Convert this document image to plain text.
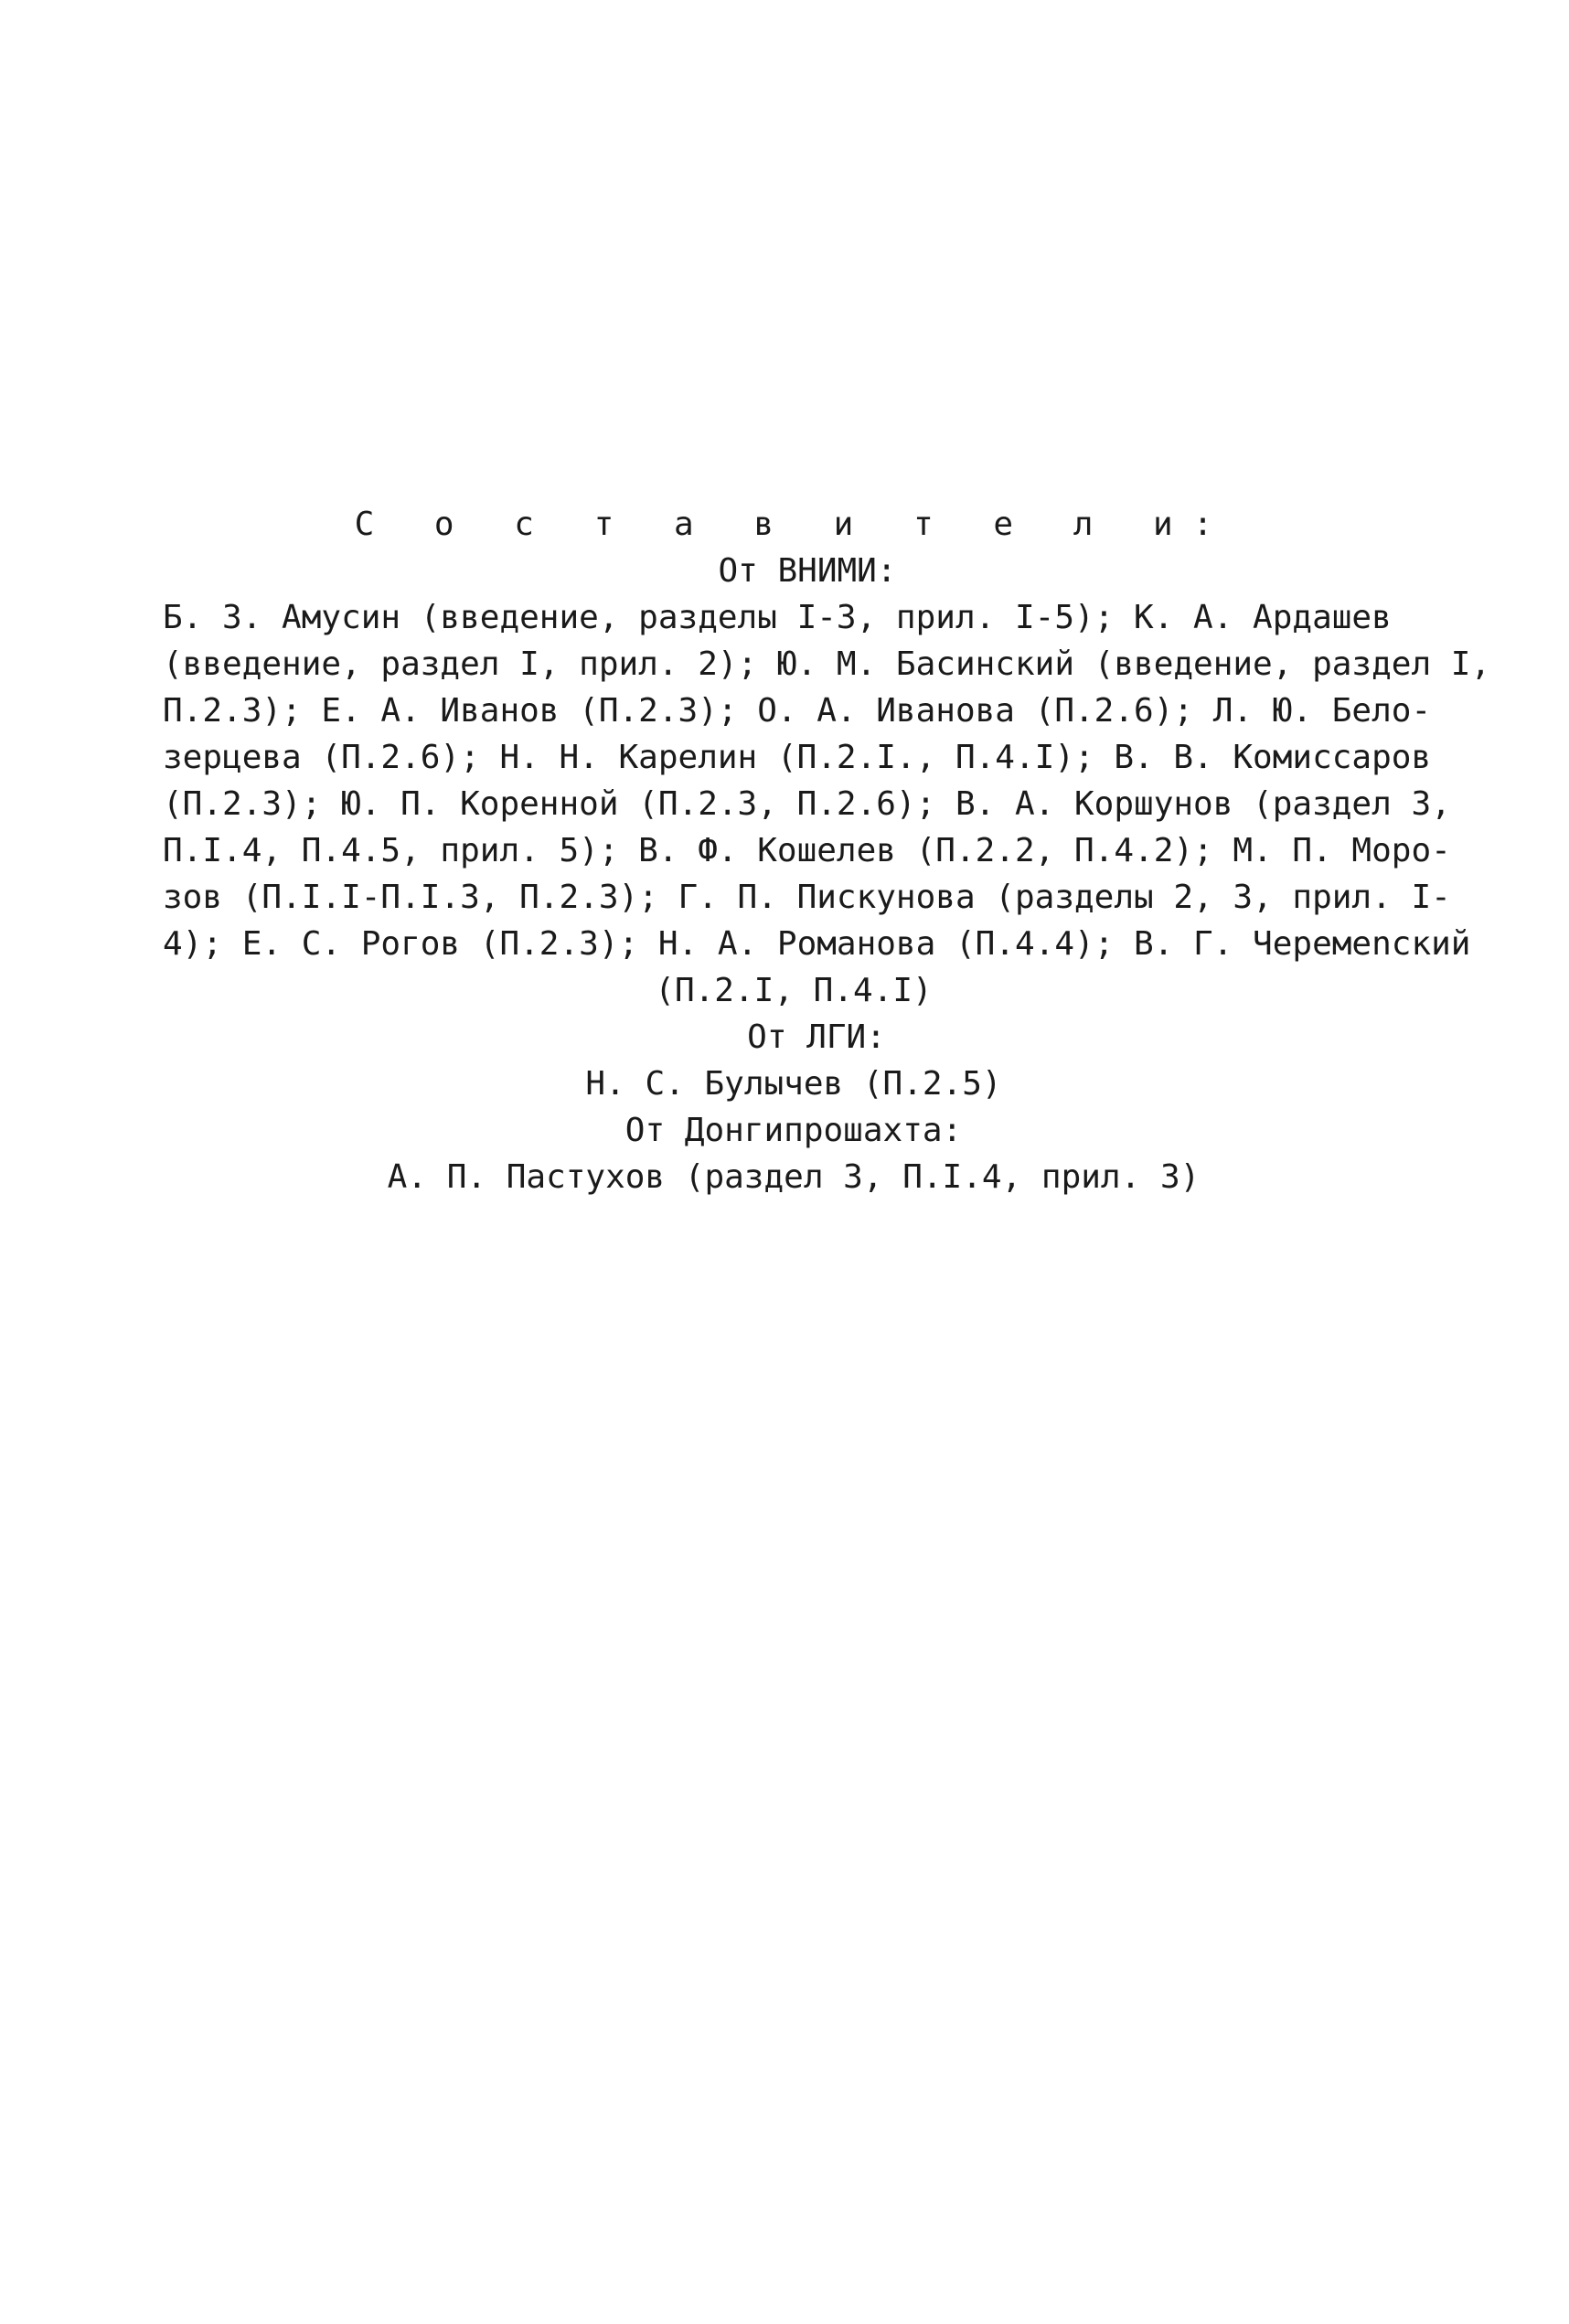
С о с т а в и т е л и:
От ВНИМИ:
Б. З. Амусин (введение, разделы I-3, прил. I-5); К. А. Ардашев
(введение, раздел I, прил. 2); Ю. М. Басинский (введение, раздел I,
П.2.3); Е. А. Иванов (П.2.3); О. А. Иванова (П.2.6); Л. Ю. Бело-
зерцева (П.2.6); Н. Н. Карелин (П.2.I., П.4.I); В. В. Комиссаров
(П.2.3); Ю. П. Коренной (П.2.3, П.2.6); В. А. Коршунов (раздел 3,
П.I.4, П.4.5, прил. 5); В. Ф. Кошелев (П.2.2, П.4.2); М. П. Моро-
зов (П.I.I-П.I.3, П.2.3); Г. П. Пискунова (разделы 2, 3, прил. I-
4); Е. С. Рогов (П.2.3); Н. А. Романова (П.4.4); В. Г. Черемenский
(П.2.I, П.4.I)
От ЛГИ:
Н. С. Булычев (П.2.5)
От Донгипрошахта:
А. П. Пастухов (раздел 3, П.I.4, прил. 3)
